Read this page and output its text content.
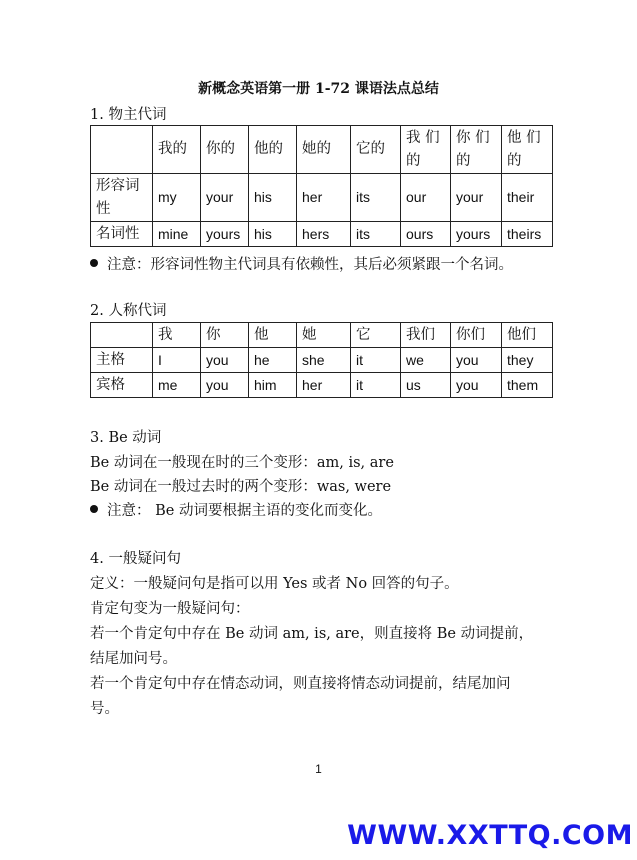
新概念英语第一册 1-72 课语法点总结
1. 物主代词
	我的	你的	他的	她的	它的	我 们 的	你 们 的	他 们 的
形容词性	my	your	his	her	its	our	your	their
名词性	mine	yours	his	hers	its	ours	yours	theirs
注意：形容词性物主代词具有依赖性，其后必须紧跟一个名词。
2. 人称代词
	我	你	他	她	它	我们	你们	他们
主格	I	you	he	she	it	we	you	they
宾格	me	you	him	her	it	us	you	them
3. Be 动词
Be 动词在一般现在时的三个变形：am, is, are
Be 动词在一般过去时的两个变形：was, were
注意： Be 动词要根据主语的变化而变化。
4. 一般疑问句
定义：一般疑问句是指可以用 Yes 或者 No 回答的句子。
肯定句变为一般疑问句：
若一个肯定句中存在 Be 动词 am, is, are，则直接将 Be 动词提前，
结尾加问号。
若一个肯定句中存在情态动词，则直接将情态动词提前，结尾加问
号。
1
WWW.XXTTQ.COM
